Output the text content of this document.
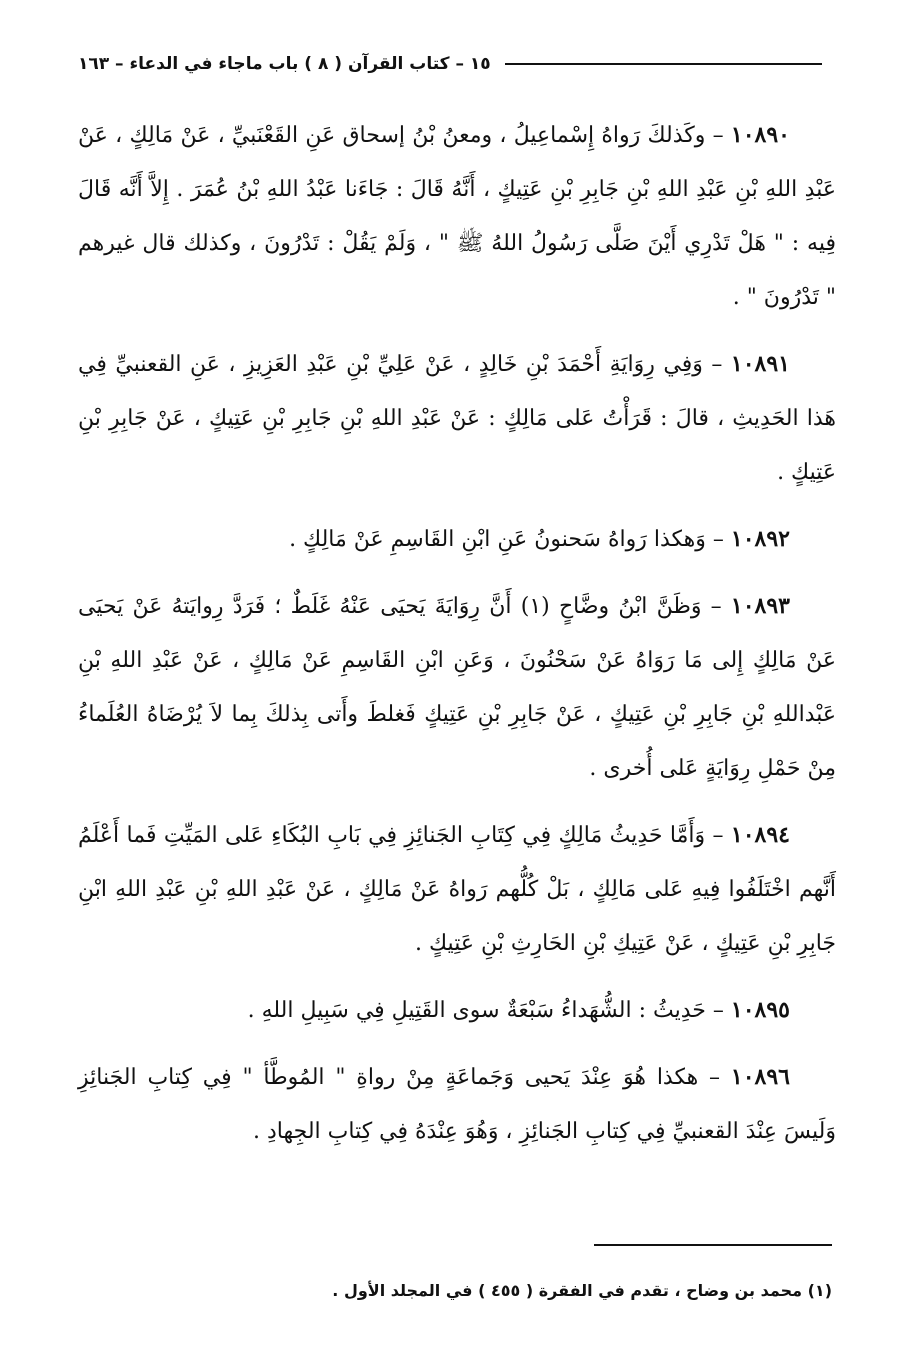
١٥ – كتاب القرآن ( ٨ ) باب ماجاء في الدعاء – ١٦٣

١٠٨٩٠ – وكَذلكَ رَواهُ إِسْماعِيلُ ، ومعنُ بْنُ إسحاق عَنِ القَعْنَبيِّ ، عَنْ مَالِكٍ ، عَنْ عَبْدِ اللهِ بْنِ عَبْدِ اللهِ بْنِ جَابِرِ بْنِ عَتِيكٍ ، أَنَّهُ قَالَ : جَاءَنا عَبْدُ اللهِ بْنُ عُمَرَ . إِلاَّ أَنَّه قَالَ فِيه : " هَلْ تَدْرِي أَيْنَ صَلَّى رَسُولُ اللهُ ﷺ " ، وَلَمْ يَقُلْ : تَدْرُونَ ، وكذلك قال غيرهم " تَدْرُونَ " .

١٠٨٩١ – وَفِي رِوَايَةِ أَحْمَدَ بْنِ خَالِدٍ ، عَنْ عَلِيِّ بْنِ عَبْدِ العَزِيزِ ، عَنِ القعنبيِّ فِي هَذا الحَدِيثِ ، قالَ : قَرَأْتُ عَلى مَالِكٍ : عَنْ عَبْدِ اللهِ بْنِ جَابِرِ بْنِ عَتِيكٍ ، عَنْ جَابِرِ بْنِ عَتِيكٍ .

١٠٨٩٢ – وَهكذا رَواهُ سَحنونُ عَنِ ابْنِ القَاسِمِ عَنْ مَالِكٍ .

١٠٨٩٣ – وَظَنَّ ابْنُ وضَّاحٍ (١) أَنَّ رِوَايَةَ يَحيَى عَنْهُ غَلَطٌ ؛ فَرَدَّ رِوايَتهُ عَنْ يَحيَى عَنْ مَالِكٍ إِلى مَا رَوَاهُ عَنْ سَحْنُونَ ، وَعَنِ ابْنِ القَاسِمِ عَنْ مَالِكٍ ، عَنْ عَبْدِ اللهِ بْنِ عَبْداللهِ بْنِ جَابِرِ بْنِ عَتِيكٍ ، عَنْ جَابِرِ بْنِ عَتِيكٍ فَغلطَ وأَتى بِذلكَ بِما لاَ يُرْضَاهُ العُلَماءُ مِنْ حَمْلِ رِوَايَةٍ عَلى أُخرى .

١٠٨٩٤ – وَأَمَّا حَدِيثُ مَالِكٍ فِي كِتَابِ الجَنائِزِ فِي بَابِ البُكَاءِ عَلى المَيِّتِ فَما أَعْلَمُ أَنَّهم اخْتَلَفُوا فِيهِ عَلى مَالِكٍ ، بَلْ كُلُّهم رَواهُ عَنْ مَالِكٍ ، عَنْ عَبْدِ اللهِ بْنِ عَبْدِ اللهِ ابْنِ جَابِرِ بْنِ عَتِيكٍ ، عَنْ عَتِيكِ بْنِ الحَارِثِ بْنِ عَتِيكٍ .

١٠٨٩٥ – حَدِيثُ : الشُّهَداءُ سَبْعَةٌ سوى القَتِيلِ فِي سَبِيلِ اللهِ .

١٠٨٩٦ – هكذا هُوَ عِنْدَ يَحيى وَجَماعَةٍ مِنْ رواةِ " المُوطَّأ " فِي كِتابِ الجَنائِزِ وَلَيسَ عِنْدَ القعنبيِّ فِي كِتابِ الجَنائِزِ ، وَهُوَ عِنْدَهُ فِي كِتابِ الجِهادِ .

(١) محمد بن وضاح ، تقدم في الفقرة ( ٤٥٥ ) في المجلد الأول .
